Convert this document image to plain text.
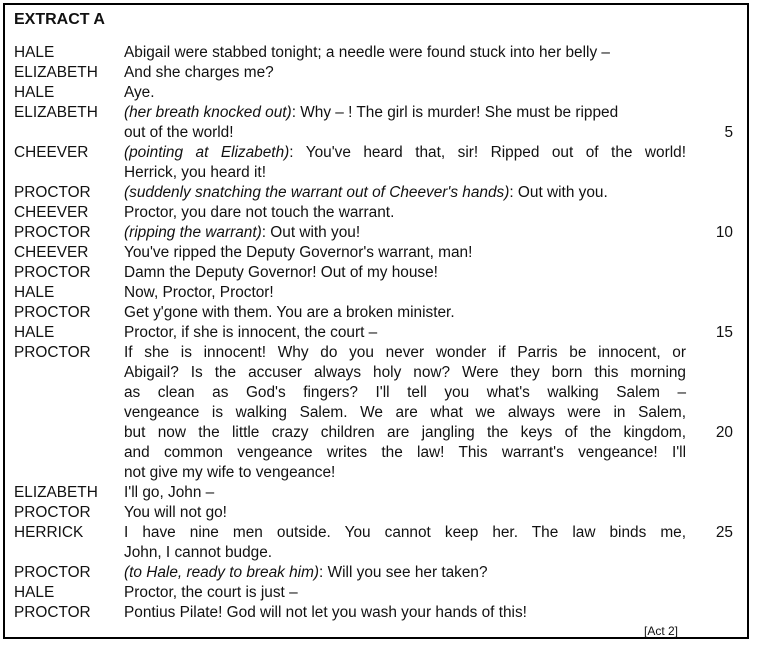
EXTRACT A
HALE	Abigail were stabbed tonight; a needle were found stuck into her belly –
ELIZABETH And she charges me?
HALE	Aye.
ELIZABETH (her breath knocked out): Why – ! The girl is murder! She must be ripped
out of the world!	5
CHEEVER (pointing at Elizabeth): You've heard that, sir! Ripped out of the world!
Herrick, you heard it!
PROCTOR (suddenly snatching the warrant out of Cheever's hands): Out with you.
CHEEVER Proctor, you dare not touch the warrant.
PROCTOR (ripping the warrant): Out with you!	10
CHEEVER You've ripped the Deputy Governor's warrant, man!
PROCTOR Damn the Deputy Governor! Out of my house!
HALE	Now, Proctor, Proctor!
PROCTOR Get y'gone with them. You are a broken minister.
HALE	Proctor, if she is innocent, the court –	15
PROCTOR If she is innocent! Why do you never wonder if Parris be innocent, or
Abigail? Is the accuser always holy now? Were they born this morning
as clean as God's fingers? I'll tell you what's walking Salem –
vengeance is walking Salem. We are what we always were in Salem,
but now the little crazy children are jangling the keys of the kingdom, 20
and common vengeance writes the law! This warrant's vengeance! I'll
not give my wife to vengeance!
ELIZABETH I'll go, John –
PROCTOR You will not go!
HERRICK	I have nine men outside. You cannot keep her. The law binds me, 25
John, I cannot budge.
PROCTOR (to Hale, ready to break him): Will you see her taken?
HALE	Proctor, the court is just –
PROCTOR Pontius Pilate! God will not let you wash your hands of this!
[Act 2]
